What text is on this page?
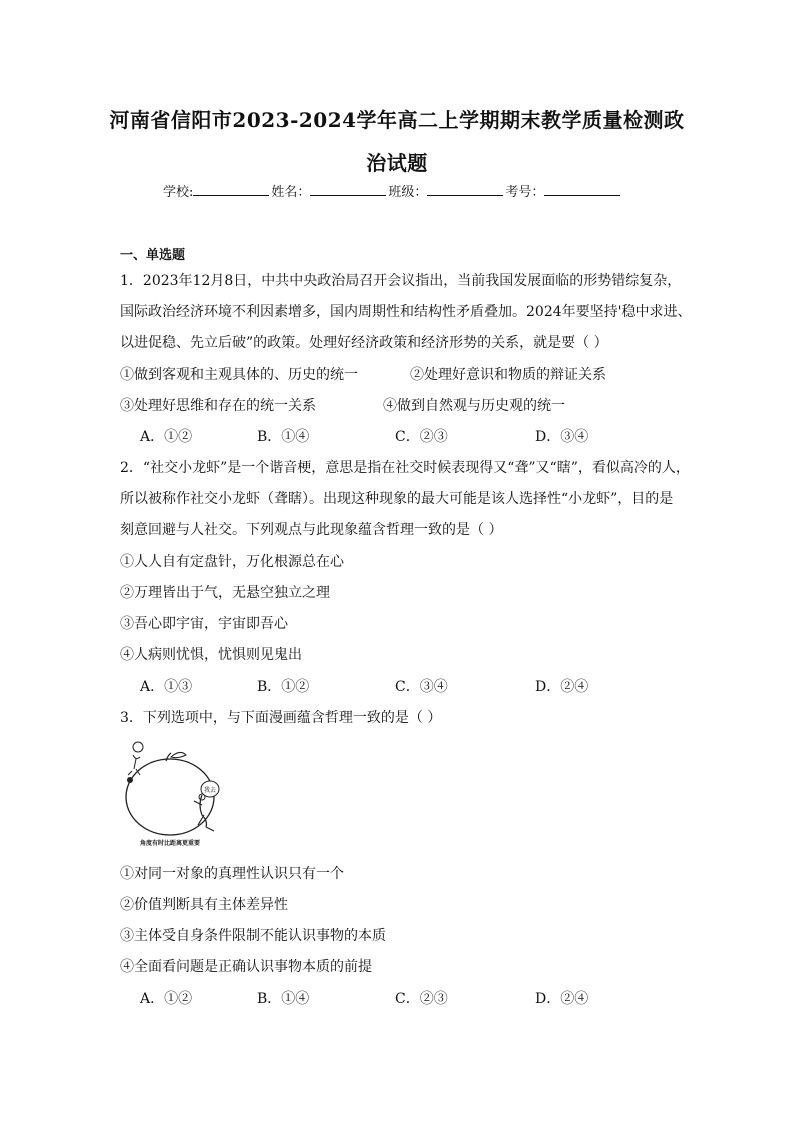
河南省信阳市2023-2024学年高二上学期期末教学质量检测政
治试题
学校:	姓名：	班级：	考号：
一、单选题
1．2023年12月8日，中共中央政治局召开会议指出，当前我国发展面临的形势错综复杂，
国际政治经济环境不利因素增多，国内周期性和结构性矛盾叠加。2024年要坚持'稳中求进、
以进促稳、先立后破”的政策。处理好经济政策和经济形势的关系，就是要（ ）
①做到客观和主观具体的、历史的统一	②处理好意识和物质的辩证关系
③处理好思维和存在的统一关系	④做到自然观与历史观的统一
A．①②	B．①④	C．②③	D．③④
2．“社交小龙虾”是一个谐音梗，意思是指在社交时候表现得又“聋”又“瞎”，看似高冷的人，
所以被称作社交小龙虾（聋瞎）。出现这种现象的最大可能是该人选择性“小龙虾”，目的是
刻意回避与人社交。下列观点与此现象蕴含哲理一致的是（ ）
①人人自有定盘针，万化根源总在心
②万理皆出于气，无悬空独立之理
③吾心即宇宙，宇宙即吾心
④人病则忧惧，忧惧则见鬼出
A．①③	B．①②	C．③④	D．②④
3．下列选项中，与下面漫画蕴含哲理一致的是（ ）
我去
角度有时比距离更重要
①对同一对象的真理性认识只有一个
②价值判断具有主体差异性
③主体受自身条件限制不能认识事物的本质
④全面看问题是正确认识事物本质的前提
A．①②	B．①④	C．②③	D．②④
